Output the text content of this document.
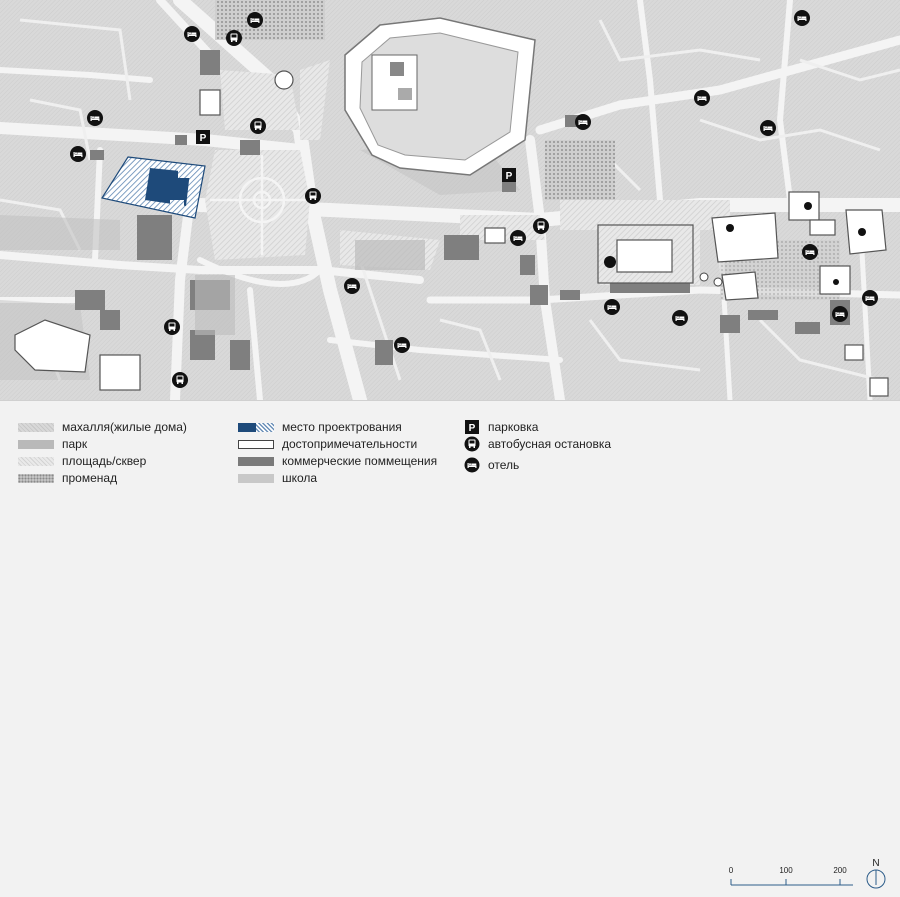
P
P
махалля(жилые дома)
парк
площадь/сквер
променад
место проектрования
достопримечательности
коммерческие поммещения
школа
P парковка
автобусная остановка
отель
0	100	200
N
